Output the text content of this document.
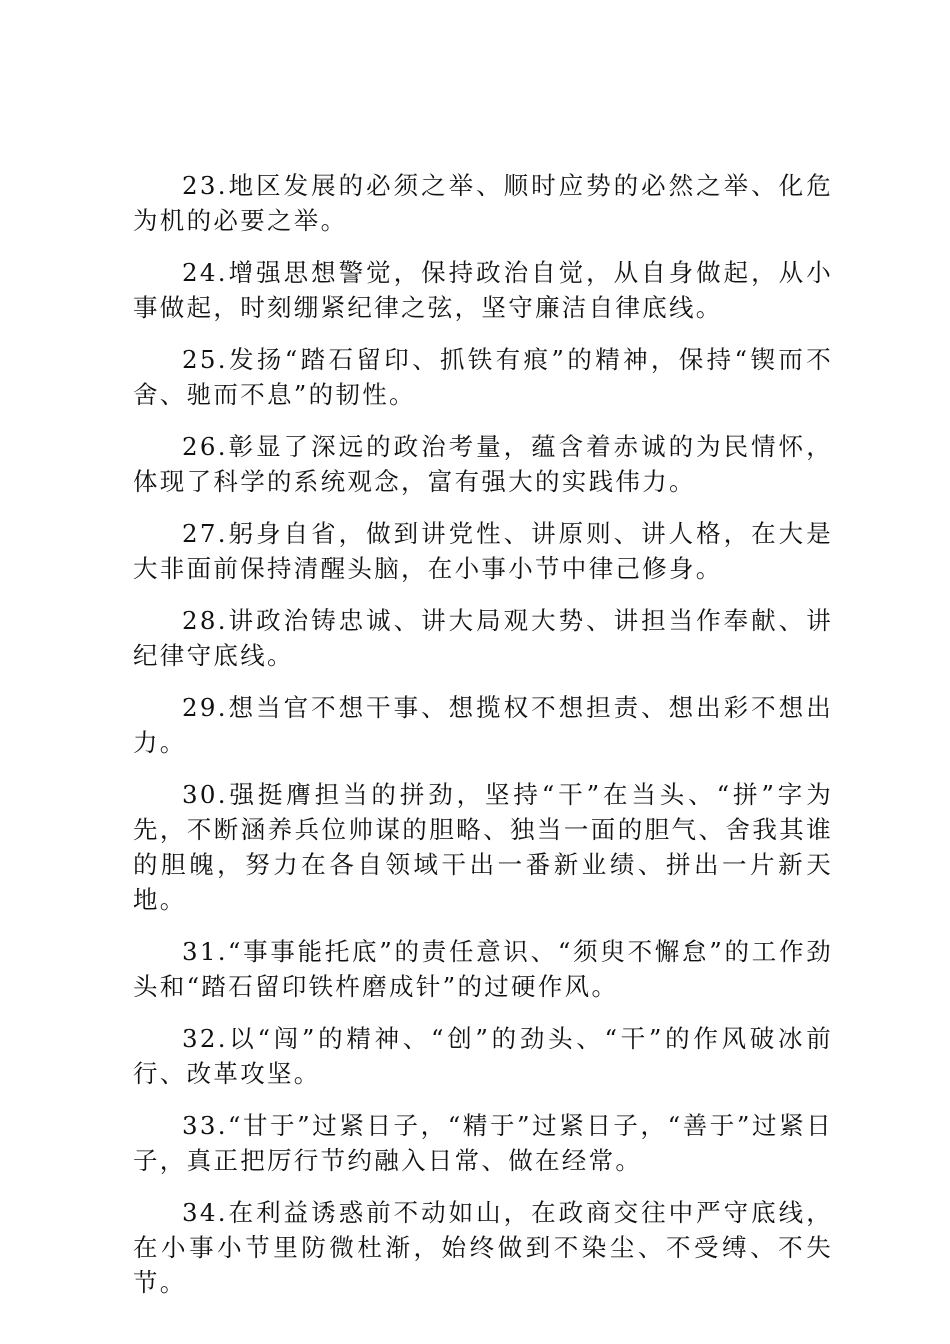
23.地区发展的必须之举、顺时应势的必然之举、化危为机的必要之举。

24.增强思想警觉，保持政治自觉，从自身做起，从小事做起，时刻绷紧纪律之弦，坚守廉洁自律底线。

25.发扬“踏石留印、抓铁有痕”的精神，保持“锲而不舍、驰而不息”的韧性。

26.彰显了深远的政治考量，蕴含着赤诚的为民情怀，体现了科学的系统观念，富有强大的实践伟力。

27.躬身自省，做到讲党性、讲原则、讲人格，在大是大非面前保持清醒头脑，在小事小节中律己修身。

28.讲政治铸忠诚、讲大局观大势、讲担当作奉献、讲纪律守底线。

29.想当官不想干事、想揽权不想担责、想出彩不想出力。

30.强挺膺担当的拼劲，坚持“干”在当头、“拼”字为先，不断涵养兵位帅谋的胆略、独当一面的胆气、舍我其谁的胆魄，努力在各自领域干出一番新业绩、拼出一片新天地。

31.“事事能托底”的责任意识、“须臾不懈怠”的工作劲头和“踏石留印铁杵磨成针”的过硬作风。

32.以“闯”的精神、“创”的劲头、“干”的作风破冰前行、改革攻坚。

33.“甘于”过紧日子，“精于”过紧日子，“善于”过紧日子，真正把厉行节约融入日常、做在经常。

34.在利益诱惑前不动如山，在政商交往中严守底线，在小事小节里防微杜渐，始终做到不染尘、不受缚、不失节。
